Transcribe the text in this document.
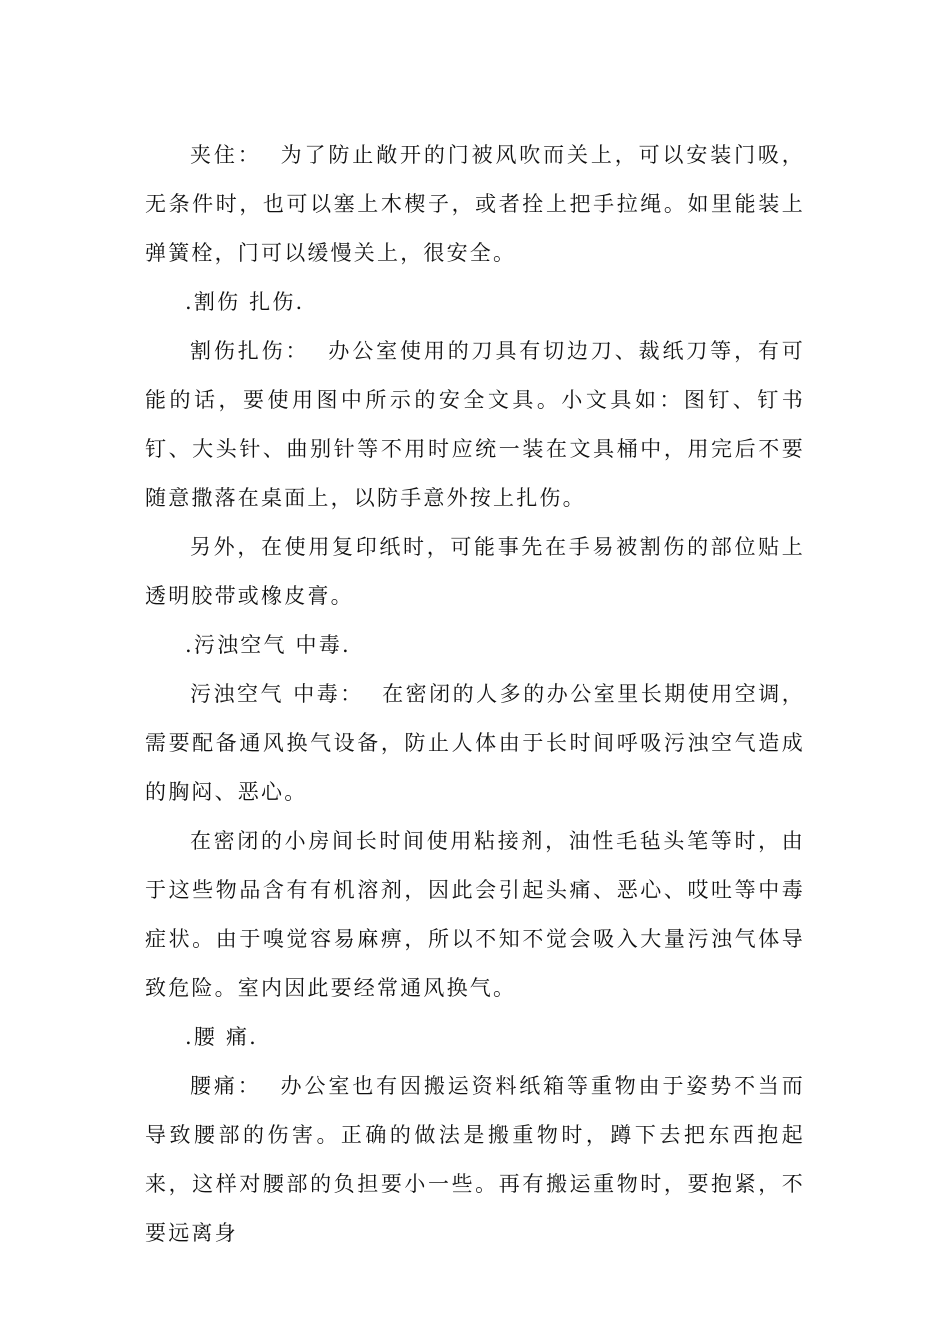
夹住：  为了防止敞开的门被风吹而关上，可以安装门吸，无条件时，也可以塞上木楔子，或者拴上把手拉绳。如里能装上弹簧栓，门可以缓慢关上，很安全。

.割伤 扎伤.

割伤扎伤：  办公室使用的刀具有切边刀、裁纸刀等，有可能的话，要使用图中所示的安全文具。小文具如：图钉、钉书钉、大头针、曲别针等不用时应统一装在文具桶中，用完后不要随意撒落在桌面上，以防手意外按上扎伤。

另外，在使用复印纸时，可能事先在手易被割伤的部位贴上透明胶带或橡皮膏。

.污浊空气 中毒.

污浊空气 中毒：  在密闭的人多的办公室里长期使用空调，需要配备通风换气设备，防止人体由于长时间呼吸污浊空气造成的胸闷、恶心。

在密闭的小房间长时间使用粘接剂，油性毛毡头笔等时，由于这些物品含有有机溶剂，因此会引起头痛、恶心、哎吐等中毒症状。由于嗅觉容易麻痹，所以不知不觉会吸入大量污浊气体导致危险。室内因此要经常通风换气。

.腰 痛.

腰痛：  办公室也有因搬运资料纸箱等重物由于姿势不当而导致腰部的伤害。正确的做法是搬重物时，蹲下去把东西抱起来，这样对腰部的负担要小一些。再有搬运重物时，要抱紧，不要远离身
